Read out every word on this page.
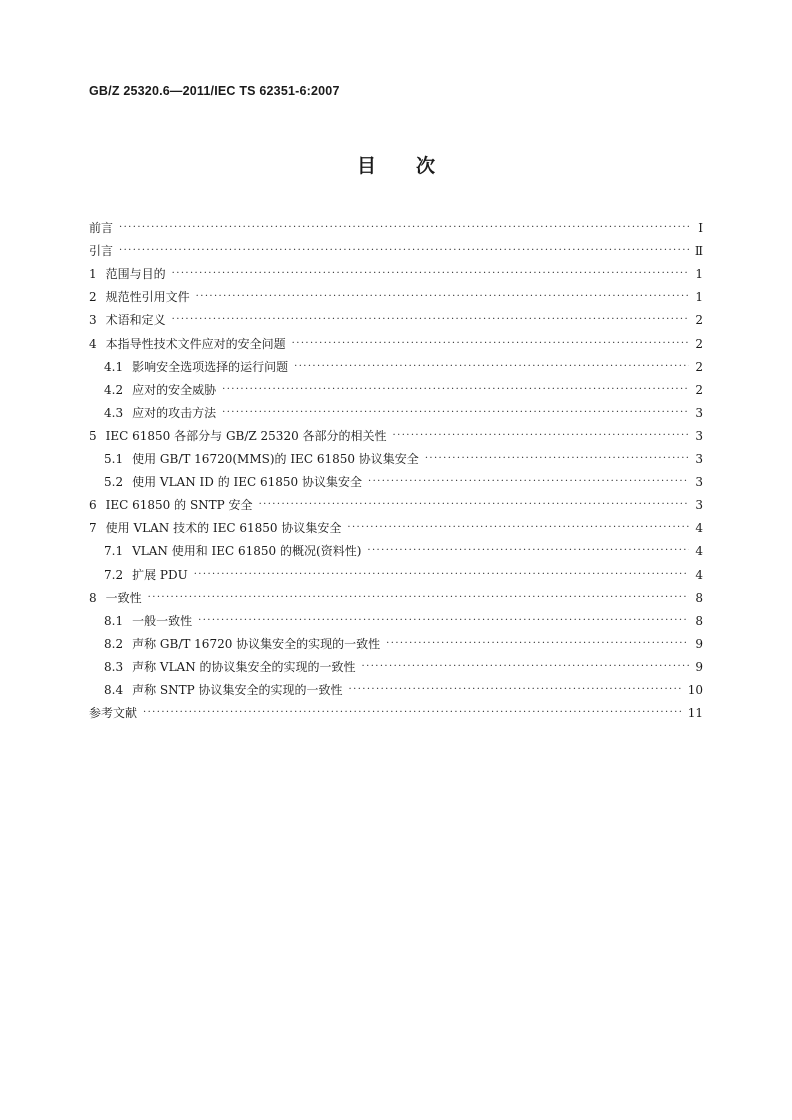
GB/Z 25320.6—2011/IEC TS 62351-6:2007
目次
前言 ·····	Ⅰ
引言 ·····	Ⅱ
1 范围与目的 ·····	1
2 规范性引用文件 ·····	1
3 术语和定义 ·····	2
4 本指导性技术文件应对的安全问题 ·····	2
4.1 影响安全选项选择的运行问题 ·····	2
4.2 应对的安全威胁 ·····	2
4.3 应对的攻击方法 ·····	3
5 IEC 61850 各部分与 GB/Z 25320 各部分的相关性 ·····	3
5.1 使用 GB/T 16720(MMS)的 IEC 61850 协议集安全 ·····	3
5.2 使用 VLAN ID 的 IEC 61850 协议集安全 ·····	3
6 IEC 61850 的 SNTP 安全 ·····	3
7 使用 VLAN 技术的 IEC 61850 协议集安全 ·····	4
7.1 VLAN 使用和 IEC 61850 的概况(资料性) ·····	4
7.2 扩展 PDU ·····	4
8 一致性 ·····	8
8.1 一般一致性 ·····	8
8.2 声称 GB/T 16720 协议集安全的实现的一致性 ·····	9
8.3 声称 VLAN 的协议集安全的实现的一致性 ·····	9
8.4 声称 SNTP 协议集安全的实现的一致性 ·····	10
参考文献 ·····	11
